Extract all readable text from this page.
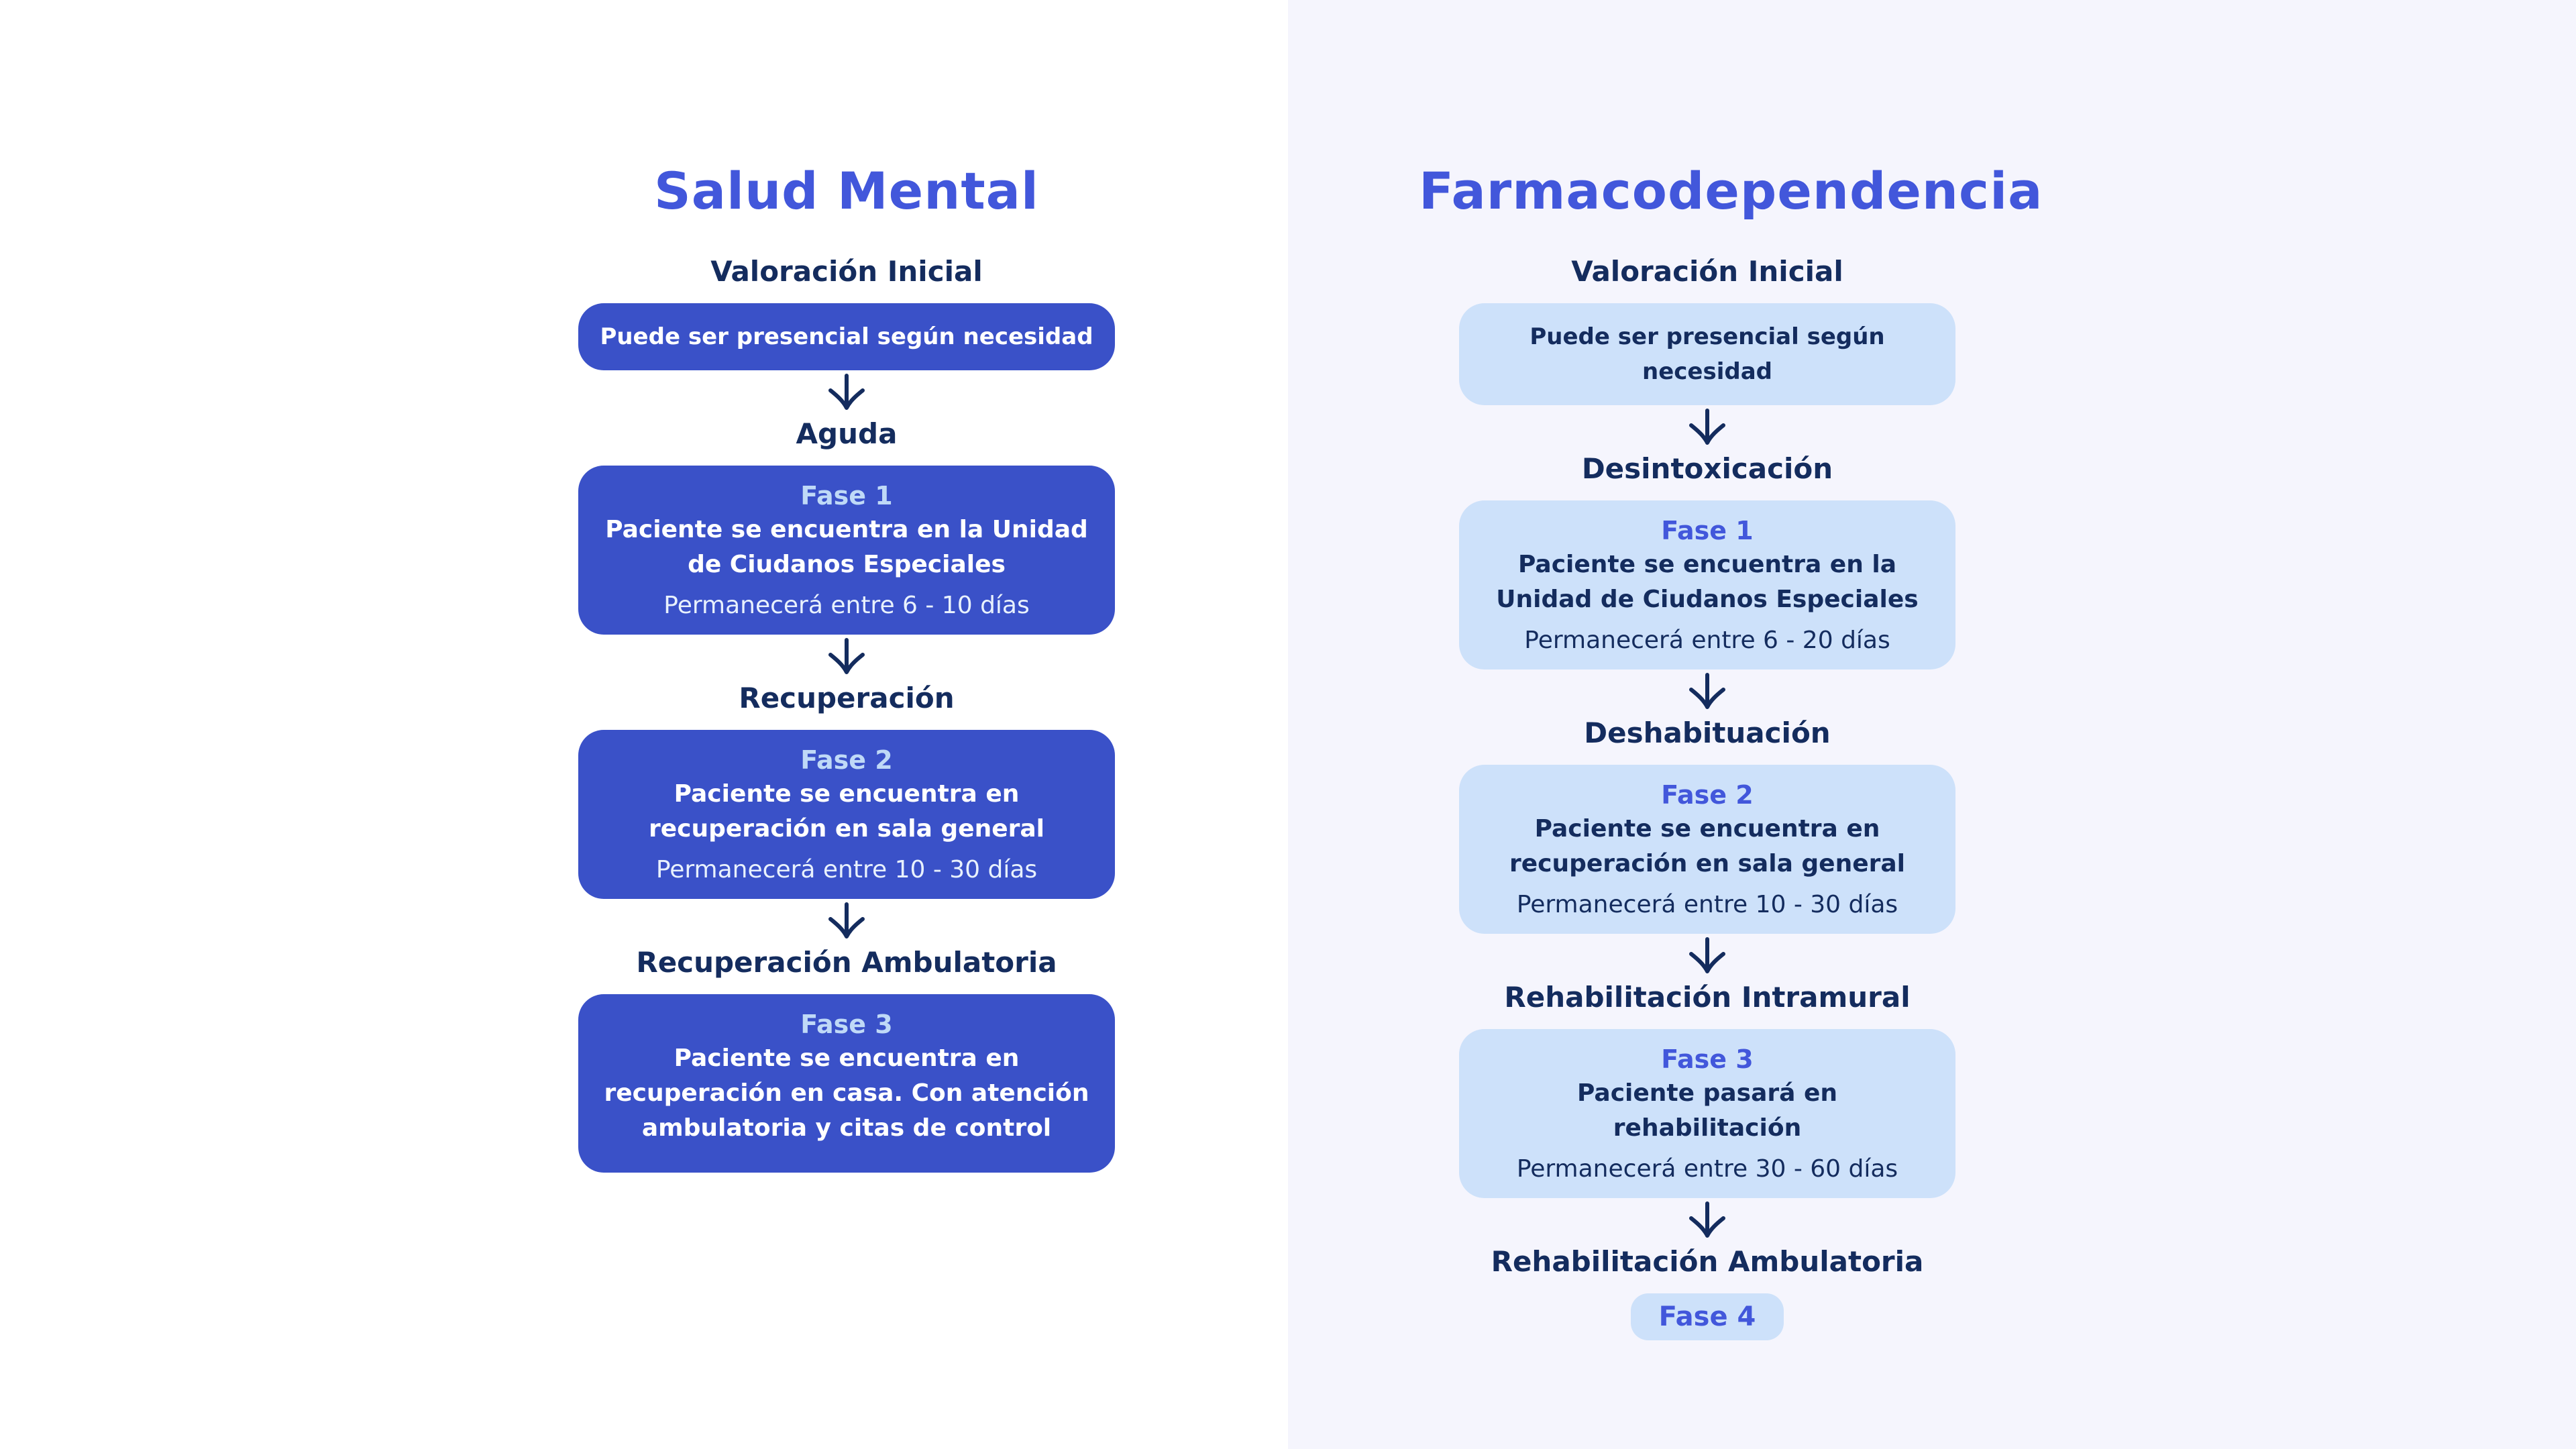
Salud Mental
Valoración Inicial
Puede ser presencial según necesidad
Aguda
Fase 1
Paciente se encuentra en la Unidad de Ciudanos Especiales
Permanecerá entre 6 - 10 días
Recuperación
Fase 2
Paciente se encuentra en recuperación en sala general
Permanecerá entre 10 - 30 días
Recuperación Ambulatoria
Fase 3
Paciente se encuentra en recuperación en casa. Con atención ambulatoria y citas de control
Farmacodependencia
Valoración Inicial
Puede ser presencial según necesidad
Desintoxicación
Fase 1
Paciente se encuentra en la Unidad de Ciudanos Especiales
Permanecerá entre 6 - 20 días
Deshabituación
Fase 2
Paciente se encuentra en recuperación en sala general
Permanecerá entre 10 - 30 días
Rehabilitación Intramural
Fase 3
Paciente pasará en rehabilitación
Permanecerá entre 30 - 60 días
Rehabilitación Ambulatoria
Fase 4
